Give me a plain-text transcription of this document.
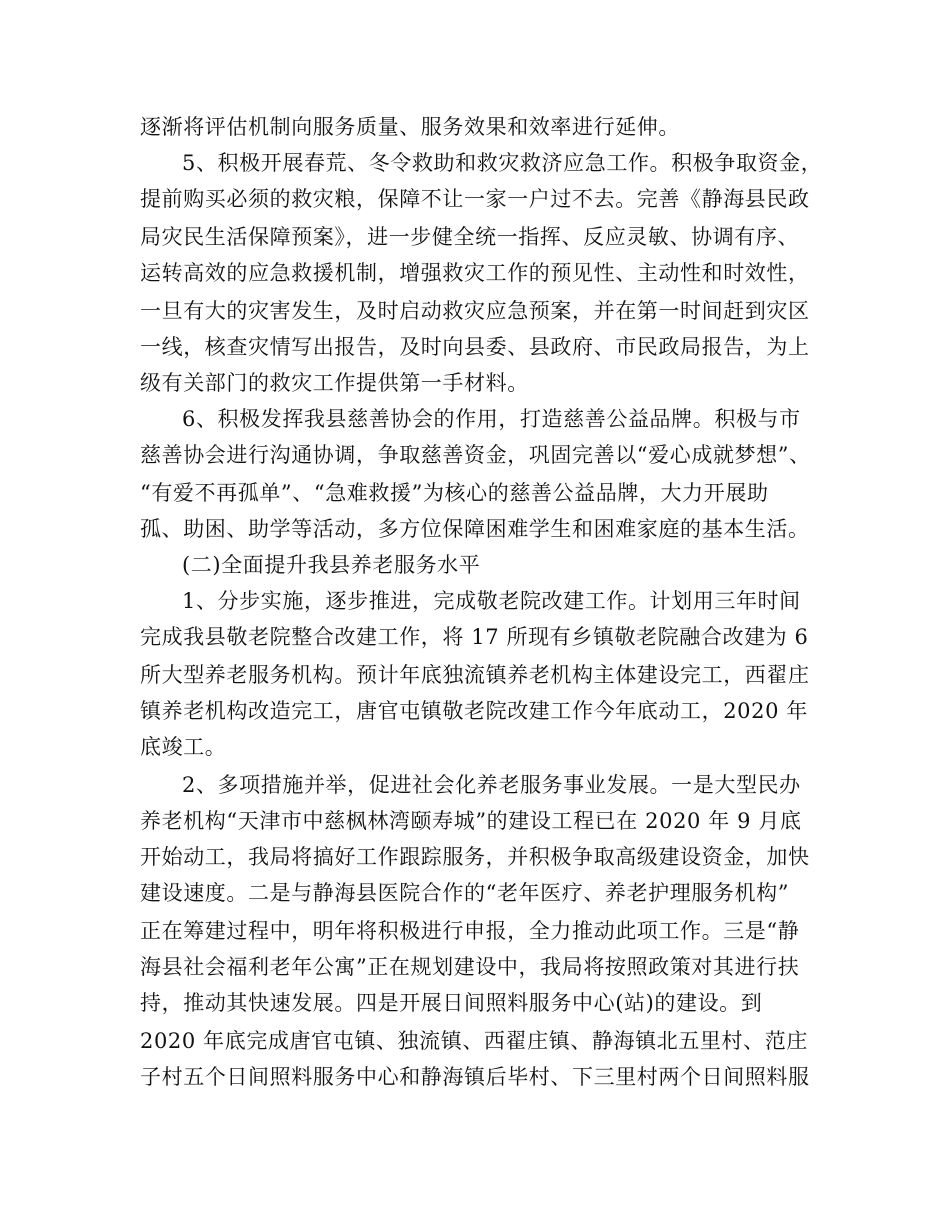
逐渐将评估机制向服务质量、服务效果和效率进行延伸。
5、积极开展春荒、冬令救助和救灾救济应急工作。积极争取资金，
提前购买必须的救灾粮，保障不让一家一户过不去。完善《静海县民政
局灾民生活保障预案》，进一步健全统一指挥、反应灵敏、协调有序、
运转高效的应急救援机制，增强救灾工作的预见性、主动性和时效性，
一旦有大的灾害发生，及时启动救灾应急预案，并在第一时间赶到灾区
一线，核查灾情写出报告，及时向县委、县政府、市民政局报告，为上
级有关部门的救灾工作提供第一手材料。
6、积极发挥我县慈善协会的作用，打造慈善公益品牌。积极与市
慈善协会进行沟通协调，争取慈善资金，巩固完善以“爱心成就梦想”、
“有爱不再孤单”、“急难救援”为核心的慈善公益品牌，大力开展助
孤、助困、助学等活动，多方位保障困难学生和困难家庭的基本生活。
(二)全面提升我县养老服务水平
1、分步实施，逐步推进，完成敬老院改建工作。计划用三年时间
完成我县敬老院整合改建工作，将 17 所现有乡镇敬老院融合改建为 6
所大型养老服务机构。预计年底独流镇养老机构主体建设完工，西翟庄
镇养老机构改造完工，唐官屯镇敬老院改建工作今年底动工，2020 年
底竣工。
2、多项措施并举，促进社会化养老服务事业发展。一是大型民办
养老机构“天津市中慈枫林湾颐寿城”的建设工程已在 2020 年 9 月底
开始动工，我局将搞好工作跟踪服务，并积极争取高级建设资金，加快
建设速度。二是与静海县医院合作的“老年医疗、养老护理服务机构”
正在筹建过程中，明年将积极进行申报，全力推动此项工作。三是“静
海县社会福利老年公寓”正在规划建设中，我局将按照政策对其进行扶
持，推动其快速发展。四是开展日间照料服务中心(站)的建设。到
2020 年底完成唐官屯镇、独流镇、西翟庄镇、静海镇北五里村、范庄
子村五个日间照料服务中心和静海镇后毕村、下三里村两个日间照料服
